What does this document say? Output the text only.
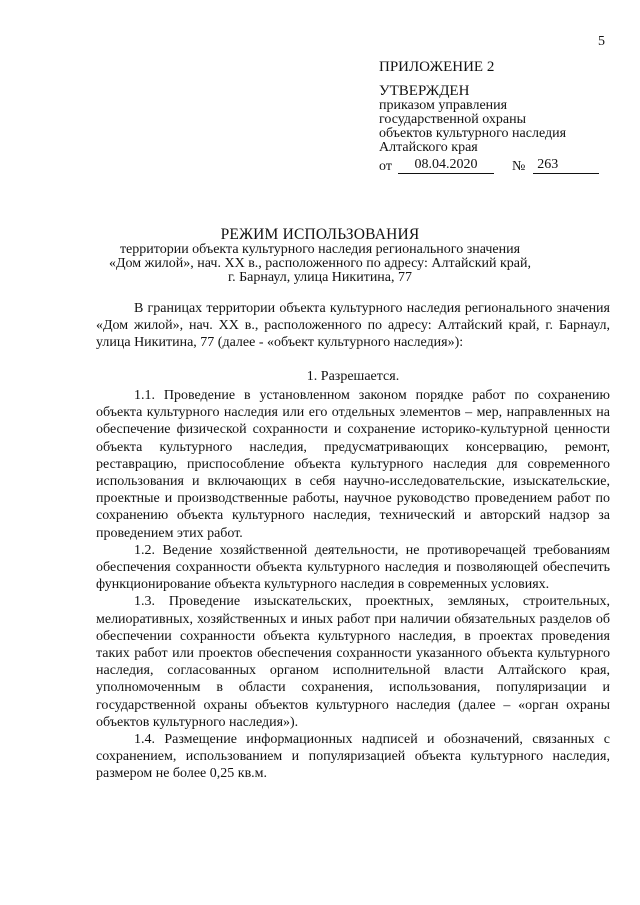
5
ПРИЛОЖЕНИЕ 2
УТВЕРЖДЕН
приказом управления
государственной охраны
объектов культурного наследия
Алтайского края
от	08.04.2020	№ 263
РЕЖИМ ИСПОЛЬЗОВАНИЯ
территории объекта культурного наследия регионального значения
«Дом жилой», нач. XX в., расположенного по адресу: Алтайский край,
г. Барнаул, улица Никитина, 77

В границах территории объекта культурного наследия регионального значения «Дом жилой», нач. XX в., расположенного по адресу: Алтайский край, г. Барнаул, улица Никитина, 77 (далее - «объект культурного наследия»):

1. Разрешается.

1.1. Проведение в установленном законом порядке работ по сохранению объекта культурного наследия или его отдельных элементов – мер, направленных на обеспечение физической сохранности и сохранение историко-культурной ценности объекта культурного наследия, предусматривающих консервацию, ремонт, реставрацию, приспособление объекта культурного наследия для современного использования и включающих в себя научно-исследовательские, изыскательские, проектные и производственные работы, научное руководство проведением работ по сохранению объекта культурного наследия, технический и авторский надзор за проведением этих работ.

1.2. Ведение хозяйственной деятельности, не противоречащей требованиям обеспечения сохранности объекта культурного наследия и позволяющей обеспечить функционирование объекта культурного наследия в современных условиях.

1.3. Проведение изыскательских, проектных, земляных, строительных, мелиоративных, хозяйственных и иных работ при наличии обязательных разделов об обеспечении сохранности объекта культурного наследия, в проектах проведения таких работ или проектов обеспечения сохранности указанного объекта культурного наследия, согласованных органом исполнительной власти Алтайского края, уполномоченным в области сохранения, использования, популяризации и государственной охраны объектов культурного наследия (далее – «орган охраны объектов культурного наследия»).

1.4. Размещение информационных надписей и обозначений, связанных с сохранением, использованием и популяризацией объекта культурного наследия, размером не более 0,25 кв.м.
